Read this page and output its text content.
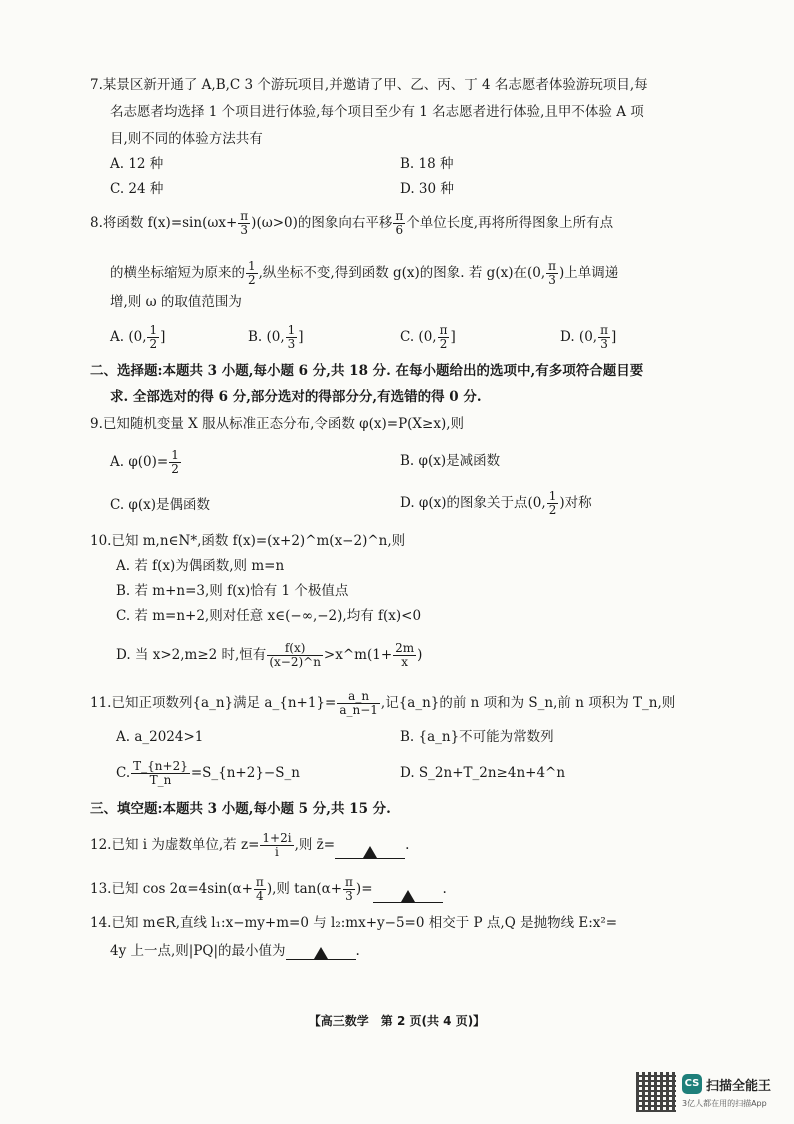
7.某景区新开通了 A,B,C 3 个游玩项目,并邀请了甲、乙、丙、丁 4 名志愿者体验游玩项目,每
名志愿者均选择 1 个项目进行体验,每个项目至少有 1 名志愿者进行体验,且甲不体验 A 项
目,则不同的体验方法共有
A. 12 种	B. 18 种
C. 24 种	D. 30 种
8.将函数 $f(x)=\sin(\omega x+ \frac{\pi}{3} )(\omega>0)$的图象向右平移 $\frac{\pi}{6}$ 个单位长度,再将所得图象上所有点
的横坐标缩短为原来的 $\frac{1}{2}$ ,纵坐标不变,得到函数 g(x)的图象. 若 g(x)在(0, $\frac{\pi}{3}$ )上单调递
增,则 ω 的取值范围为
A. (0, $\frac{1}{2}$ ]	B. (0, $\frac{1}{3}$ ]	C. (0, $\frac{\pi}{2}$ ]	D. (0, $\frac{\pi}{3}$ ]
二、选择题:本题共 3 小题,每小题 6 分,共 18 分. 在每小题给出的选项中,有多项符合题目要
求. 全部选对的得 6 分,部分选对的得部分分,有选错的得 0 分.
9.已知随机变量 X 服从标准正态分布,令函数 φ(x)=P(X≥x),则
A. $\varphi(0)= \frac{1}{2}$	B. φ(x)是减函数
C. φ(x)是偶函数	D. φ(x)的图象关于点(0, $\frac{1}{2}$ )对称
10.已知 m,n∈N*,函数 f(x)=(x+2)^m(x−2)^n,则
A. 若 f(x)为偶函数,则 m=n
B. 若 m+n=3,则 f(x)恰有 1 个极值点
C. 若 m=n+2,则对任意 x∈(−∞,−2),均有 f(x)<0
D. 当 x>2,m≥2 时,恒有 $\frac{f(x)}{(x-2)\^{}n}$ >x^m(1+ $\frac{2m}{x}$ )
11.已知正项数列{a_n}满足 a_{n+1}= $\frac{a\_n}{a\_n-1}$ ,记{a_n}的前 n 项和为 S_n,前 n 项积为 T_n,则
A. a_2024>1	B. {a_n}不可能为常数列
C. $\frac{T\_\{n+2\}}{T\_n}$ =S_{n+2}−S_n	D. S_2n+T_2n≥4n+4^n
三、填空题:本题共 3 小题,每小题 5 分,共 15 分.
12.已知 i 为虚数单位,若 $z= \frac{1+2i}{i}$ ,则 z̄=	.
13.已知 $\cos 2\alpha=4\sin(\alpha+ \frac{\pi}{4}$ ),则 $\tan(\alpha+ \frac{\pi}{3}$ )=	.
14.已知 m∈R,直线 l₁:x−my+m=0 与 l₂:mx+y−5=0 相交于 P 点,Q 是抛物线 E:x²=
4y 上一点,则|PQ|的最小值为	.
【高三数学　第 2 页(共 4 页)】
CS 扫描全能王
3亿人都在用的扫描App
